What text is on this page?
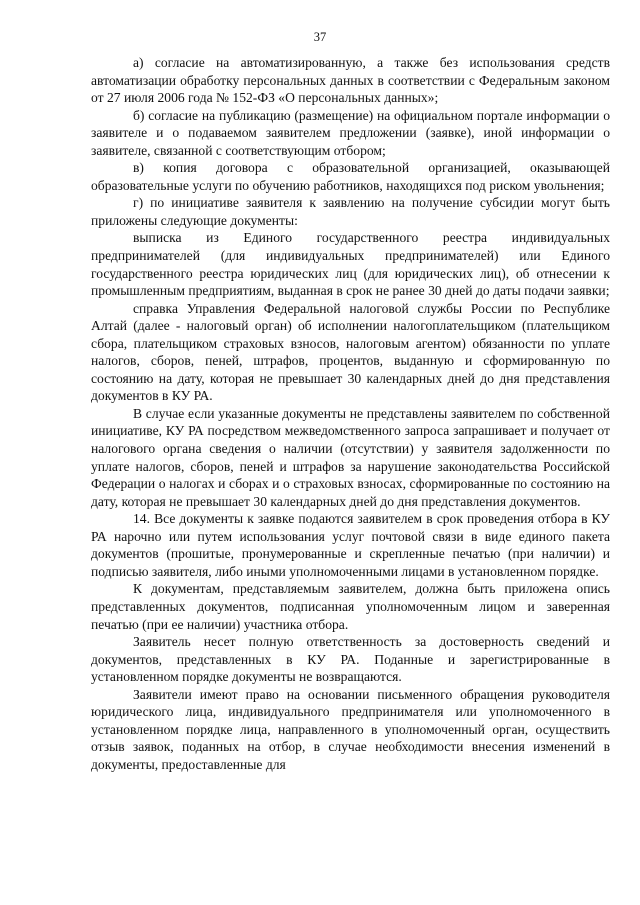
37

а) согласие на автоматизированную, а также без использования средств автоматизации обработку персональных данных в соответствии с Федеральным законом от 27 июля 2006 года № 152-ФЗ «О персональных данных»;

б) согласие на публикацию (размещение) на официальном портале информации о заявителе и о подаваемом заявителем предложении (заявке), иной информации о заявителе, связанной с соответствующим отбором;

в) копия договора с образовательной организацией, оказывающей образовательные услуги по обучению работников, находящихся под риском увольнения;

г) по инициативе заявителя к заявлению на получение субсидии могут быть приложены следующие документы:

выписка из Единого государственного реестра индивидуальных предпринимателей (для индивидуальных предпринимателей) или Единого государственного реестра юридических лиц (для юридических лиц), об отнесении к промышленным предприятиям, выданная в срок не ранее 30 дней до даты подачи заявки;

справка Управления Федеральной налоговой службы России по Республике Алтай (далее - налоговый орган) об исполнении налогоплательщиком (плательщиком сбора, плательщиком страховых взносов, налоговым агентом) обязанности по уплате налогов, сборов, пеней, штрафов, процентов, выданную и сформированную по состоянию на дату, которая не превышает 30 календарных дней до дня представления документов в КУ РА.

В случае если указанные документы не представлены заявителем по собственной инициативе, КУ РА посредством межведомственного запроса запрашивает и получает от налогового органа сведения о наличии (отсутствии) у заявителя задолженности по уплате налогов, сборов, пеней и штрафов за нарушение законодательства Российской Федерации о налогах и сборах и о страховых взносах, сформированные по состоянию на дату, которая не превышает 30 календарных дней до дня представления документов.

14. Все документы к заявке подаются заявителем в срок проведения отбора в КУ РА нарочно или путем использования услуг почтовой связи в виде единого пакета документов (прошитые, пронумерованные и скрепленные печатью (при наличии) и подписью заявителя, либо иными уполномоченными лицами в установленном порядке.

К документам, представляемым заявителем, должна быть приложена опись представленных документов, подписанная уполномоченным лицом и заверенная печатью (при ее наличии) участника отбора.

Заявитель несет полную ответственность за достоверность сведений и документов, представленных в КУ РА. Поданные и зарегистрированные в установленном порядке документы не возвращаются.

Заявители имеют право на основании письменного обращения руководителя юридического лица, индивидуального предпринимателя или уполномоченного в установленном порядке лица, направленного в уполномоченный орган, осуществить отзыв заявок, поданных на отбор, в случае необходимости внесения изменений в документы, предоставленные для
